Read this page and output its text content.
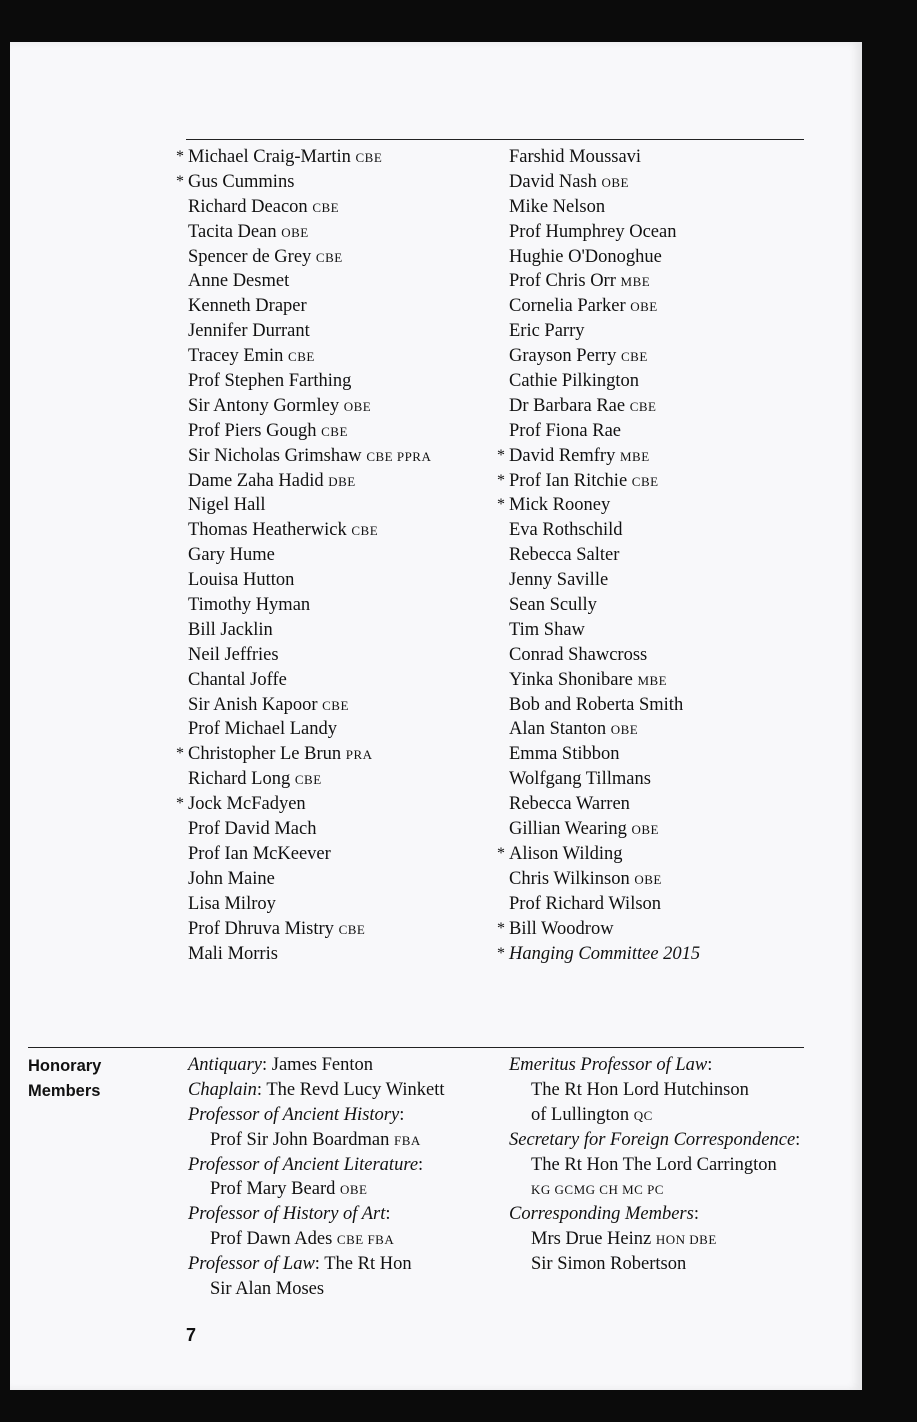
* Michael Craig-Martin CBE
* Gus Cummins
Richard Deacon CBE
Tacita Dean OBE
Spencer de Grey CBE
Anne Desmet
Kenneth Draper
Jennifer Durrant
Tracey Emin CBE
Prof Stephen Farthing
Sir Antony Gormley OBE
Prof Piers Gough CBE
Sir Nicholas Grimshaw CBE PPRA
Dame Zaha Hadid DBE
Nigel Hall
Thomas Heatherwick CBE
Gary Hume
Louisa Hutton
Timothy Hyman
Bill Jacklin
Neil Jeffries
Chantal Joffe
Sir Anish Kapoor CBE
Prof Michael Landy
* Christopher Le Brun PRA
Richard Long CBE
* Jock McFadyen
Prof David Mach
Prof Ian McKeever
John Maine
Lisa Milroy
Prof Dhruva Mistry CBE
Mali Morris
Farshid Moussavi
David Nash OBE
Mike Nelson
Prof Humphrey Ocean
Hughie O'Donoghue
Prof Chris Orr MBE
Cornelia Parker OBE
Eric Parry
Grayson Perry CBE
Cathie Pilkington
Dr Barbara Rae CBE
Prof Fiona Rae
* David Remfry MBE
* Prof Ian Ritchie CBE
* Mick Rooney
Eva Rothschild
Rebecca Salter
Jenny Saville
Sean Scully
Tim Shaw
Conrad Shawcross
Yinka Shonibare MBE
Bob and Roberta Smith
Alan Stanton OBE
Emma Stibbon
Wolfgang Tillmans
Rebecca Warren
Gillian Wearing OBE
* Alison Wilding
Chris Wilkinson OBE
Prof Richard Wilson
* Bill Woodrow
* Hanging Committee 2015
Honorary
Members
Antiquary: James Fenton
Chaplain: The Revd Lucy Winkett
Professor of Ancient History:
Prof Sir John Boardman FBA
Professor of Ancient Literature:
Prof Mary Beard OBE
Professor of History of Art:
Prof Dawn Ades CBE FBA
Professor of Law: The Rt Hon
Sir Alan Moses
Emeritus Professor of Law:
The Rt Hon Lord Hutchinson
of Lullington QC
Secretary for Foreign Correspondence:
The Rt Hon The Lord Carrington
KG GCMG CH MC PC
Corresponding Members:
Mrs Drue Heinz HON DBE
Sir Simon Robertson
7
